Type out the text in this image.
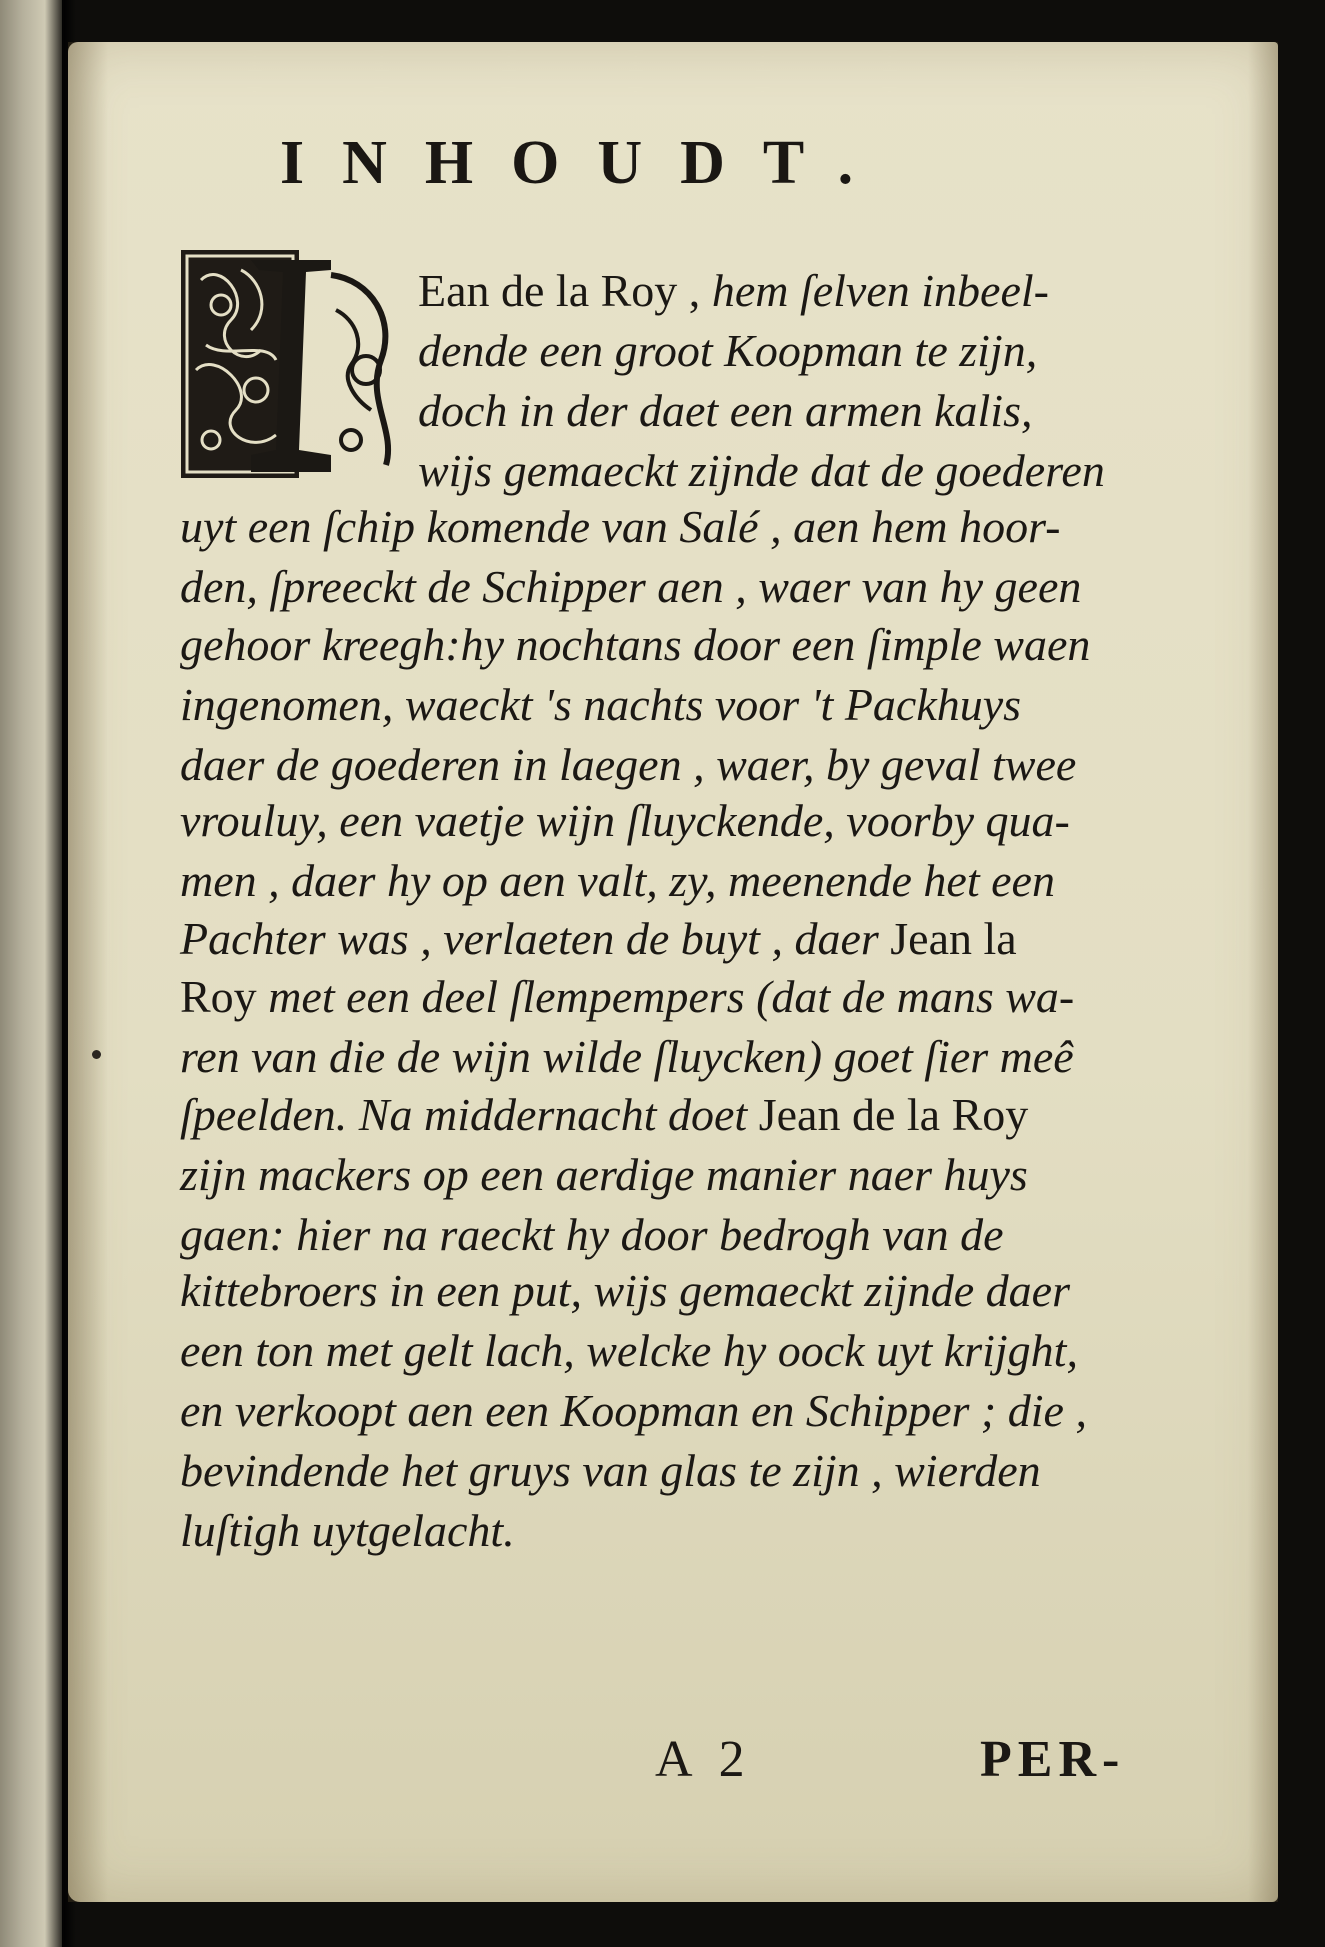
INHOUDT.

Ean de la Roy , hem ſelven inbeel-

dende een groot Koopman te zijn,

doch in der daet een armen kalis,

wijs gemaeckt zijnde dat de goederen

uyt een ſchip komende van Salé , aen hem hoor-

den, ſpreeckt de Schipper aen , waer van hy geen

gehoor kreegh:hy nochtans door een ſimple waen

ingenomen, waeckt 's nachts voor 't Packhuys

daer de goederen in laegen , waer, by geval twee

vrouluy, een vaetje wijn ſluyckende, voorby qua-

men , daer hy op aen valt, zy, meenende het een

Pachter was , verlaeten de buyt , daer Jean la

Roy met een deel ſlempempers (dat de mans wa-

ren van die de wijn wilde ſluycken) goet ſier meê

ſpeelden. Na middernacht doet Jean de la Roy

zijn mackers op een aerdige manier naer huys

gaen: hier na raeckt hy door bedrogh van de

kittebroers in een put, wijs gemaeckt zijnde daer

een ton met gelt lach, welcke hy oock uyt krijght,

en verkoopt aen een Koopman en Schipper ; die ,

bevindende het gruys van glas te zijn , wierden

luſtigh uytgelacht.

A 2	PER-
